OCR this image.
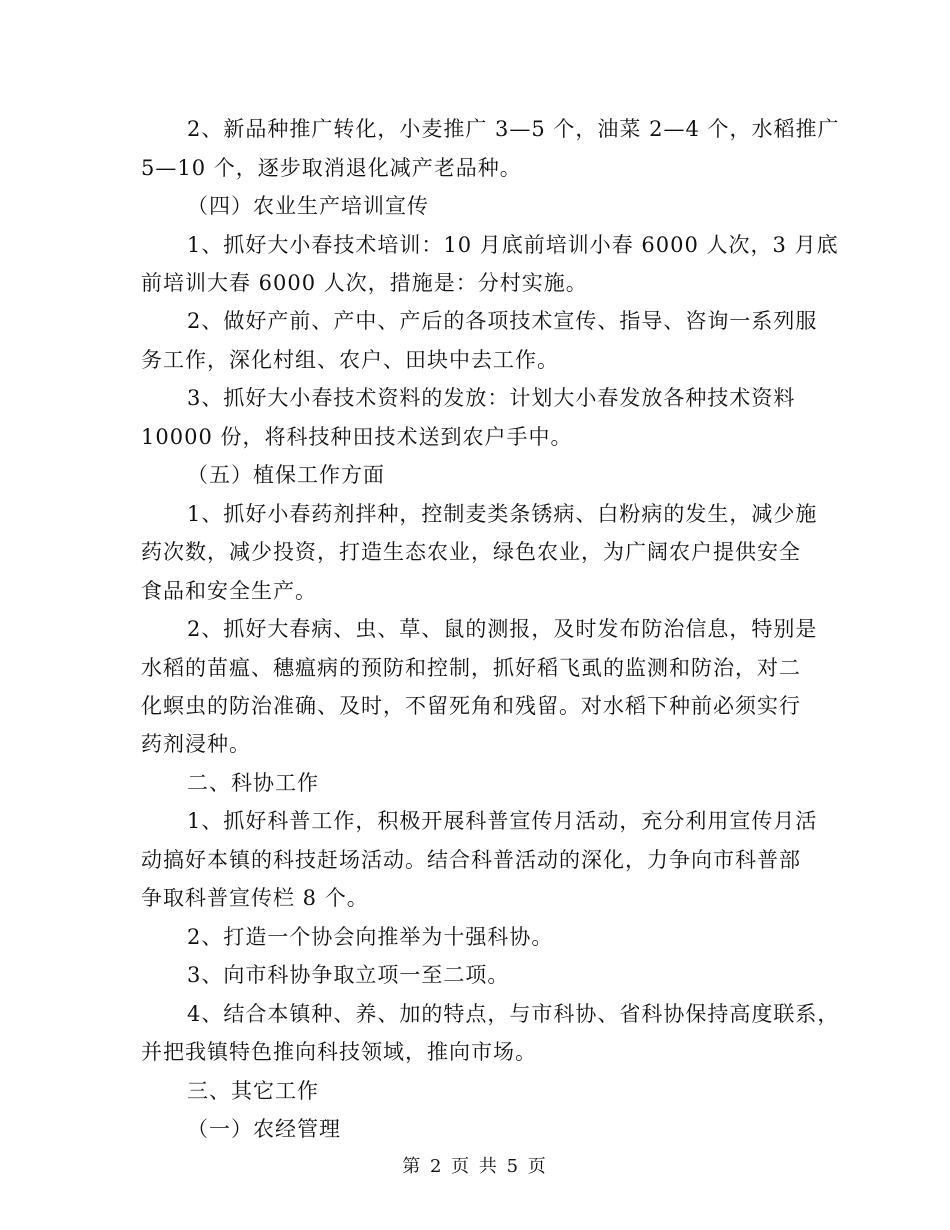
2、新品种推广转化，小麦推广 3—5 个，油菜 2—4 个，水稻推广
5—10 个，逐步取消退化减产老品种。
（四）农业生产培训宣传
1、抓好大小春技术培训：10 月底前培训小春 6000 人次，3 月底
前培训大春 6000 人次，措施是：分村实施。
2、做好产前、产中、产后的各项技术宣传、指导、咨询一系列服
务工作，深化村组、农户、田块中去工作。
3、抓好大小春技术资料的发放：计划大小春发放各种技术资料
10000 份，将科技种田技术送到农户手中。
（五）植保工作方面
1、抓好小春药剂拌种，控制麦类条锈病、白粉病的发生，减少施
药次数，减少投资，打造生态农业，绿色农业，为广阔农户提供安全
食品和安全生产。
2、抓好大春病、虫、草、鼠的测报，及时发布防治信息，特别是
水稻的苗瘟、穗瘟病的预防和控制，抓好稻飞虱的监测和防治，对二
化螟虫的防治准确、及时，不留死角和残留。对水稻下种前必须实行
药剂浸种。
二、科协工作
1、抓好科普工作，积极开展科普宣传月活动，充分利用宣传月活
动搞好本镇的科技赶场活动。结合科普活动的深化，力争向市科普部
争取科普宣传栏 8 个。
2、打造一个协会向推举为十强科协。
3、向市科协争取立项一至二项。
4、结合本镇种、养、加的特点，与市科协、省科协保持高度联系，
并把我镇特色推向科技领域，推向市场。
三、其它工作
（一）农经管理
第 2 页 共 5 页
